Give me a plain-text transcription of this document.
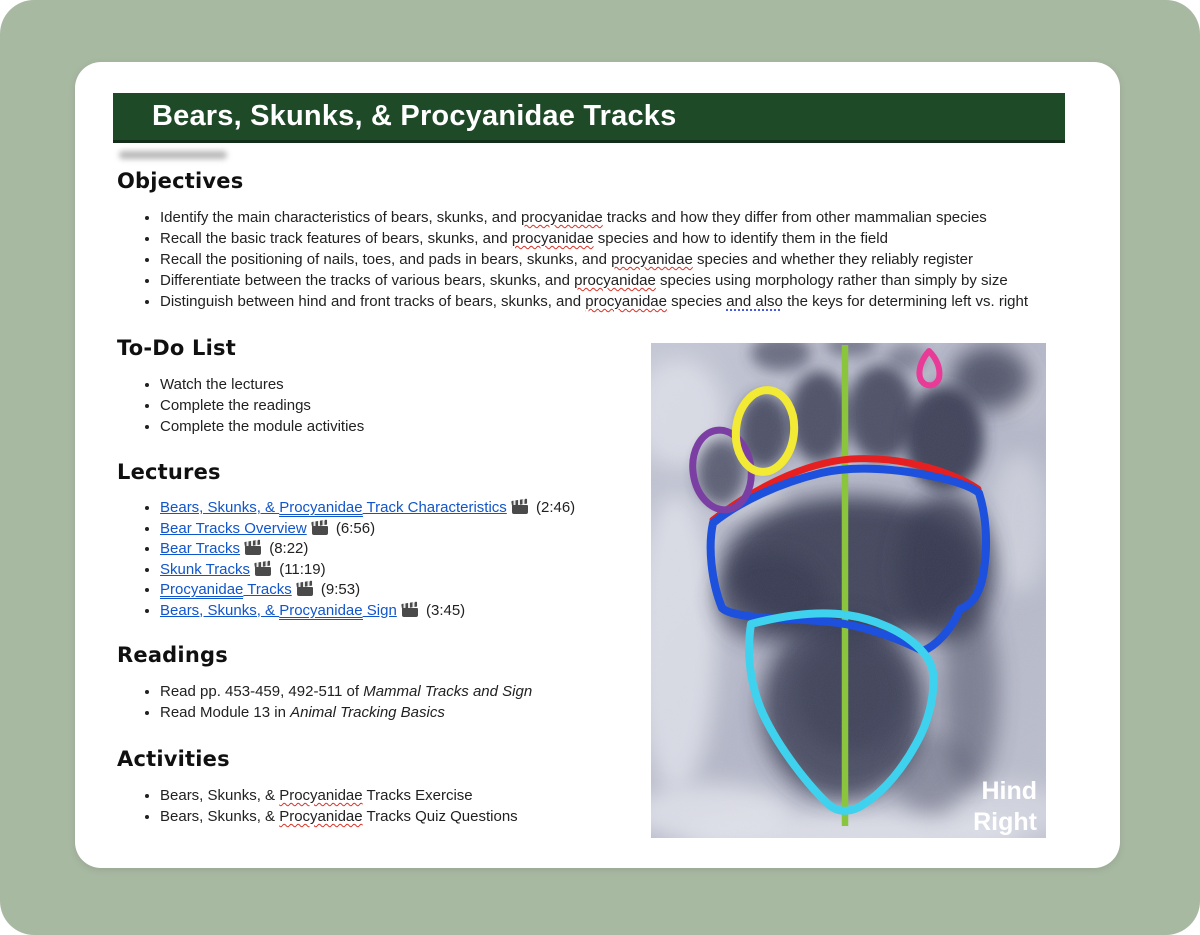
Bears, Skunks, & Procyanidae Tracks
Objectives
• Identify the main characteristics of bears, skunks, and procyanidae tracks and how they differ from other mammalian species
• Recall the basic track features of bears, skunks, and procyanidae species and how to identify them in the field
• Recall the positioning of nails, toes, and pads in bears, skunks, and procyanidae species and whether they reliably register
• Differentiate between the tracks of various bears, skunks, and procyanidae species using morphology rather than simply by size
• Distinguish between hind and front tracks of bears, skunks, and procyanidae species and also the keys for determining left vs. right
To-Do List
• Watch the lectures
• Complete the readings
• Complete the module activities
Lectures
• Bears, Skunks, & Procyanidae Track Characteristics (2:46)
• Bear Tracks Overview (6:56)
• Bear Tracks (8:22)
• Skunk Tracks (11:19)
• Procyanidae Tracks (9:53)
• Bears, Skunks, & Procyanidae Sign (3:45)
Readings
• Read pp. 453-459, 492-511 of Mammal Tracks and Sign
• Read Module 13 in Animal Tracking Basics
Activities
• Bears, Skunks, & Procyanidae Tracks Exercise
• Bears, Skunks, & Procyanidae Tracks Quiz Questions
Hind
Right
